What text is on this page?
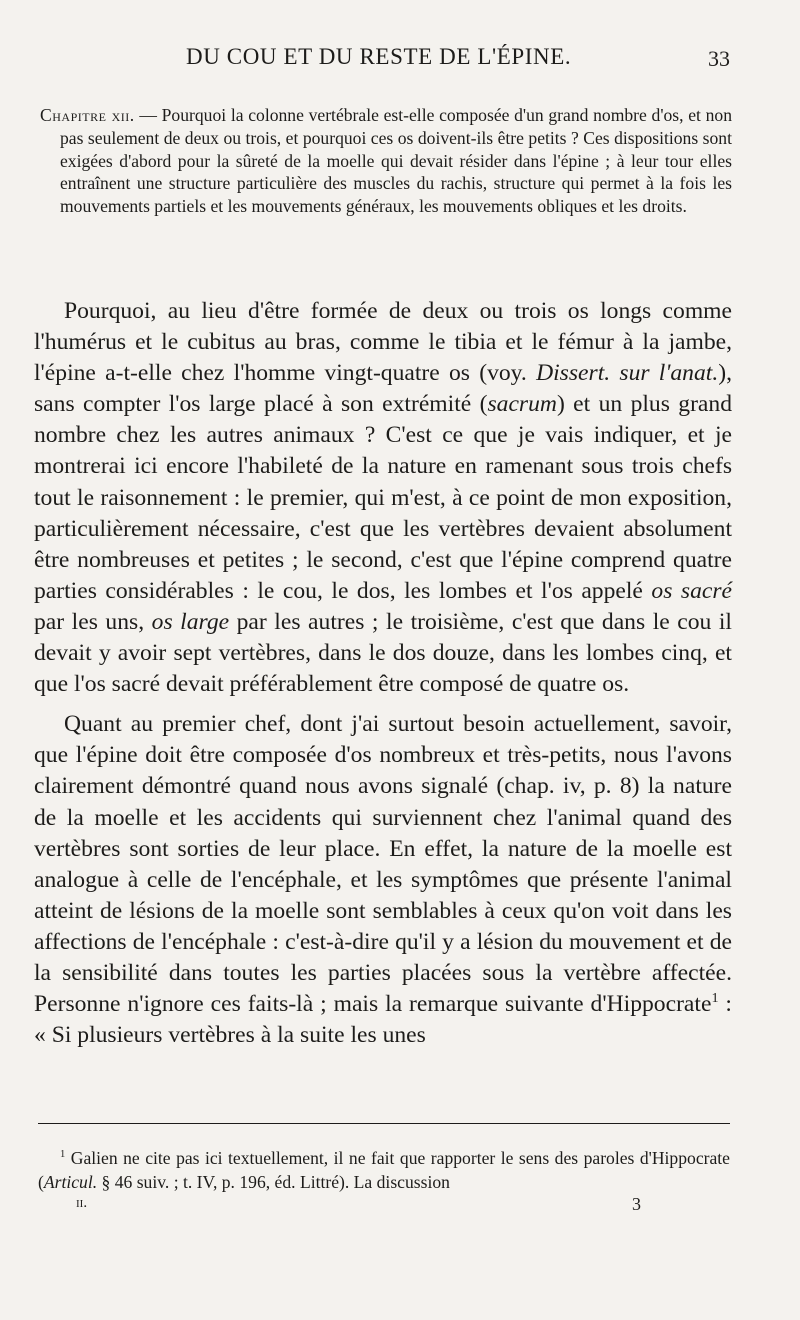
DU COU ET DU RESTE DE L'ÉPINE.	33

Chapitre xii. — Pourquoi la colonne vertébrale est-elle composée d'un grand nombre d'os, et non pas seulement de deux ou trois, et pourquoi ces os doivent-ils être petits ? Ces dispositions sont exigées d'abord pour la sûreté de la moelle qui devait résider dans l'épine ; à leur tour elles entraînent une structure particulière des muscles du rachis, structure qui permet à la fois les mouvements partiels et les mouvements généraux, les mouvements obliques et les droits.

Pourquoi, au lieu d'être formée de deux ou trois os longs comme l'humérus et le cubitus au bras, comme le tibia et le fémur à la jambe, l'épine a-t-elle chez l'homme vingt-quatre os (voy. Dissert. sur l'anat.), sans compter l'os large placé à son extrémité (sacrum) et un plus grand nombre chez les autres animaux ? C'est ce que je vais indiquer, et je montrerai ici encore l'habileté de la nature en ramenant sous trois chefs tout le raisonnement : le premier, qui m'est, à ce point de mon exposition, particulièrement nécessaire, c'est que les vertèbres devaient absolument être nombreuses et petites ; le second, c'est que l'épine comprend quatre parties considérables : le cou, le dos, les lombes et l'os appelé os sacré par les uns, os large par les autres ; le troisième, c'est que dans le cou il devait y avoir sept vertèbres, dans le dos douze, dans les lombes cinq, et que l'os sacré devait préférablement être composé de quatre os.

Quant au premier chef, dont j'ai surtout besoin actuellement, savoir, que l'épine doit être composée d'os nombreux et très-petits, nous l'avons clairement démontré quand nous avons signalé (chap. iv, p. 8) la nature de la moelle et les accidents qui surviennent chez l'animal quand des vertèbres sont sorties de leur place. En effet, la nature de la moelle est analogue à celle de l'encéphale, et les symptômes que présente l'animal atteint de lésions de la moelle sont semblables à ceux qu'on voit dans les affections de l'encéphale : c'est-à-dire qu'il y a lésion du mouvement et de la sensibilité dans toutes les parties placées sous la vertèbre affectée. Personne n'ignore ces faits-là ; mais la remarque suivante d'Hippocrate$^1$ : « Si plusieurs vertèbres à la suite les unes

$^1$ Galien ne cite pas ici textuellement, il ne fait que rapporter le sens des paroles d'Hippocrate (Articul. § 46 suiv. ; t. IV, p. 196, éd. Littré). La discussion

ii.	3
